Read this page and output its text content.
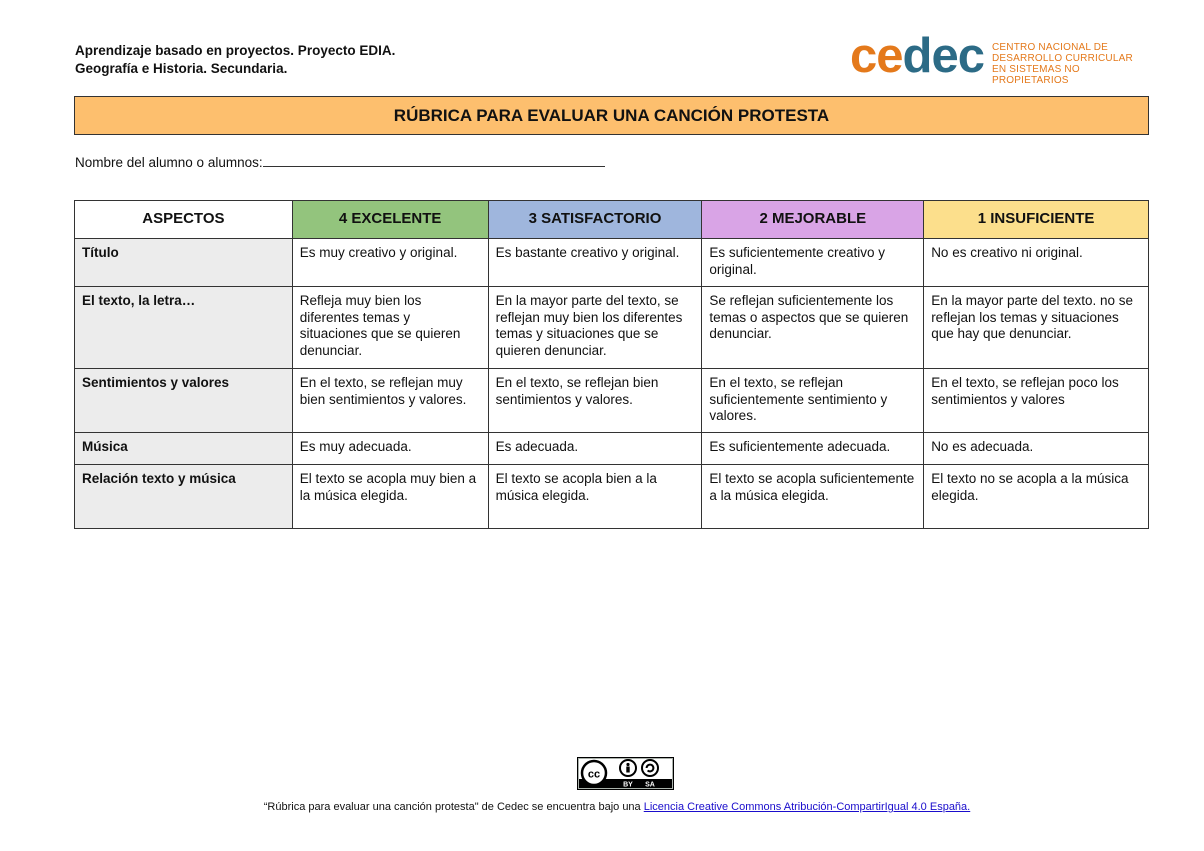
Aprendizaje basado en proyectos. Proyecto EDIA.
Geografía e Historia. Secundaria.	cedec CENTRO NACIONAL DE
DESARROLLO CURRICULAR
EN SISTEMAS NO PROPIETARIOS
RÚBRICA PARA EVALUAR UNA CANCIÓN PROTESTA
Nombre del alumno o alumnos:
ASPECTOS	4 EXCELENTE	3 SATISFACTORIO	2 MEJORABLE	1 INSUFICIENTE
Título	Es muy creativo y original.	Es bastante creativo y original.	Es suficientemente creativo y original.	No es creativo ni original.
El texto, la letra…	Refleja muy bien los diferentes temas y situaciones que se quieren denunciar.	En la mayor parte del texto, se reflejan muy bien los diferentes temas y situaciones que se quieren denunciar.	Se reflejan suficientemente los temas o aspectos que se quieren denunciar.	En la mayor parte del texto. no se reflejan los temas y situaciones que hay que denunciar.
Sentimientos y valores	En el texto, se reflejan muy bien sentimientos y valores.	En el texto, se reflejan bien sentimientos y valores.	En el texto, se reflejan suficientemente sentimiento y valores.	En el texto, se reflejan poco los sentimientos y valores
Música	Es muy adecuada.	Es adecuada.	Es suficientemente adecuada.	No es adecuada.
Relación texto y música	El texto se acopla muy bien a la música elegida.	El texto se acopla bien a la música elegida.	El texto se acopla suficientemente a la música elegida.	El texto no se acopla a la música elegida.
cc
BY SA
“Rúbrica para evaluar una canción protesta" de Cedec se encuentra bajo una Licencia Creative Commons Atribución-CompartirIgual 4.0 España.
